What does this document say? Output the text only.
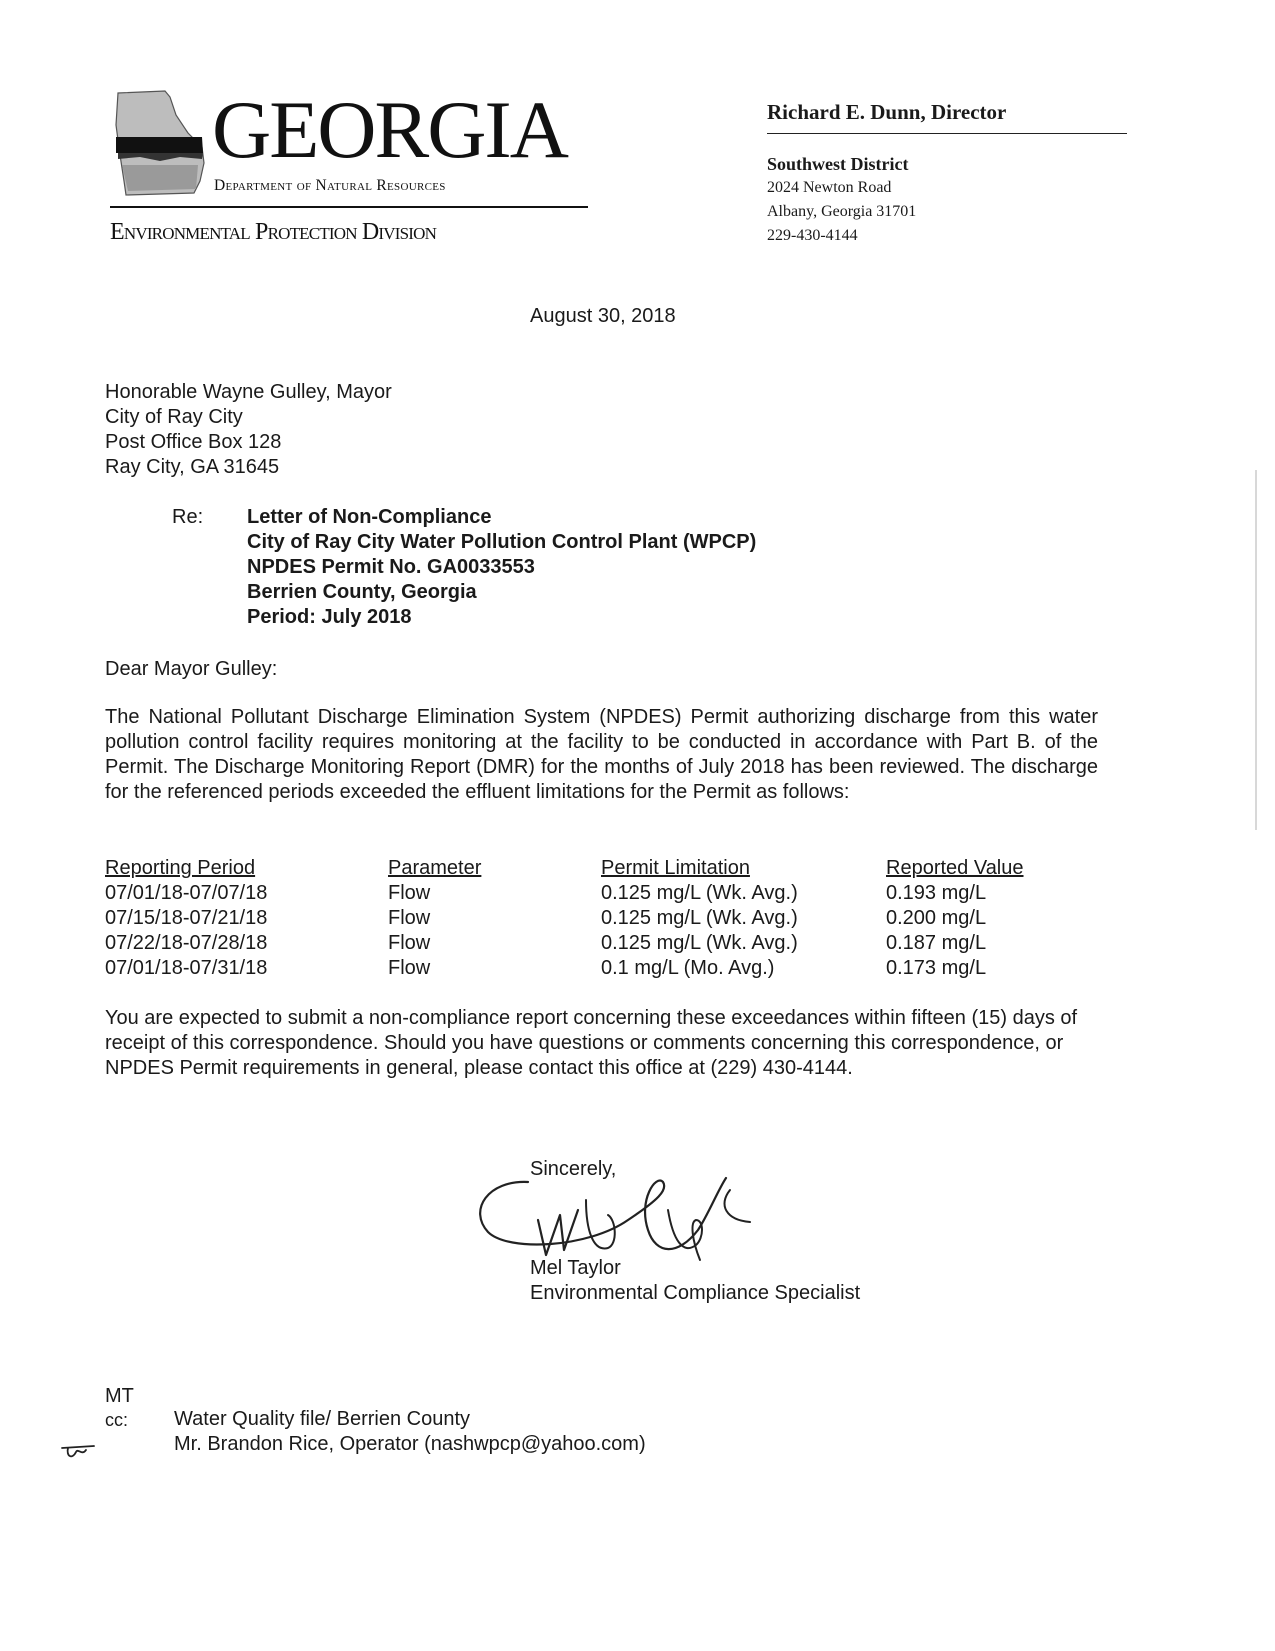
GEORGIA
Department of Natural Resources
Environmental Protection Division
Richard E. Dunn, Director
Southwest District
2024 Newton Road
Albany, Georgia 31701
229-430-4144
August 30, 2018
Honorable Wayne Gulley, Mayor
City of Ray City
Post Office Box 128
Ray City, GA 31645
Re: Letter of Non-Compliance
City of Ray City Water Pollution Control Plant (WPCP)
NPDES Permit No. GA0033553
Berrien County, Georgia
Period: July 2018
Dear Mayor Gulley:
The National Pollutant Discharge Elimination System (NPDES) Permit authorizing discharge from this water pollution control facility requires monitoring at the facility to be conducted in accordance with Part B. of the Permit. The Discharge Monitoring Report (DMR) for the months of July 2018 has been reviewed. The discharge for the referenced periods exceeded the effluent limitations for the Permit as follows:
Reporting Period	Parameter	Permit Limitation	Reported Value
07/01/18-07/07/18	Flow	0.125 mg/L (Wk. Avg.)	0.193 mg/L
07/15/18-07/21/18	Flow	0.125 mg/L (Wk. Avg.)	0.200 mg/L
07/22/18-07/28/18	Flow	0.125 mg/L (Wk. Avg.)	0.187 mg/L
07/01/18-07/31/18	Flow	0.1 mg/L (Mo. Avg.)	0.173 mg/L
You are expected to submit a non-compliance report concerning these exceedances within fifteen (15) days of receipt of this correspondence. Should you have questions or comments concerning this correspondence, or NPDES Permit requirements in general, please contact this office at (229) 430-4144.
Sincerely,
Mel Taylor
Environmental Compliance Specialist
MT
cc: Water Quality file/ Berrien County
Mr. Brandon Rice, Operator (nashwpcp@yahoo.com)
